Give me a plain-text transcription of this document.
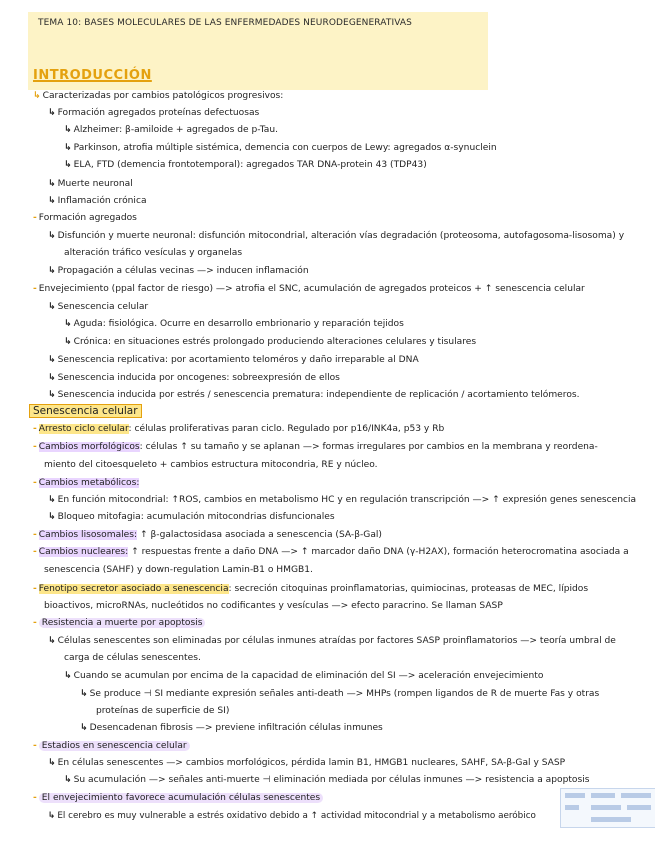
TEMA 10: BASES MOLECULARES DE LAS ENFERMEDADES NEURODEGENERATIVAS
INTRODUCCIÓN
↳ Caracterizadas por cambios patológicos progresivos:
↳ Formación agregados proteínas defectuosas
↳ Alzheimer: β-amiloide + agregados de p-Tau.
↳ Parkinson, atrofia múltiple sistémica, demencia con cuerpos de Lewy: agregados α-synuclein
↳ ELA, FTD (demencia frontotemporal): agregados TAR DNA-protein 43 (TDP43)
↳ Muerte neuronal
↳ Inflamación crónica
- Formación agregados
↳ Disfunción y muerte neuronal: disfunción mitocondrial, alteración vías degradación (proteosoma, autofagosoma-lisosoma) y
alteración tráfico vesículas y organelas
↳ Propagación a células vecinas —> inducen inflamación
- Envejecimiento (ppal factor de riesgo) —> atrofia el SNC, acumulación de agregados proteicos + ↑ senescencia celular
↳ Senescencia celular
↳ Aguda: fisiológica. Ocurre en desarrollo embrionario y reparación tejidos
↳ Crónica: en situaciones estrés prolongado produciendo alteraciones celulares y tisulares
↳ Senescencia replicativa: por acortamiento teloméros y daño irreparable al DNA
↳ Senescencia inducida por oncogenes: sobreexpresión de ellos
↳ Senescencia inducida por estrés / senescencia prematura: independiente de replicación / acortamiento telómeros.
Senescencia celular
- Arresto ciclo celular: células proliferativas paran ciclo. Regulado por p16/INK4a, p53 y Rb
- Cambios morfológicos: células ↑ su tamaño y se aplanan —> formas irregulares por cambios en la membrana y reordena-
miento del citoesqueleto + cambios estructura mitocondria, RE y núcleo.
- Cambios metabólicos:
↳ En función mitocondrial: ↑ROS, cambios en metabolismo HC y en regulación transcripción —> ↑ expresión genes senescencia
↳ Bloqueo mitofagia: acumulación mitocondrias disfuncionales
- Cambios lisosomales: ↑ β-galactosidasa asociada a senescencia (SA-β-Gal)
- Cambios nucleares: ↑ respuestas frente a daño DNA —> ↑ marcador daño DNA (γ-H2AX), formación heterocromatina asociada a
senescencia (SAHF) y down-regulation Lamin-B1 o HMGB1.
- Fenotipo secretor asociado a senescencia: secreción citoquinas proinflamatorias, quimiocinas, proteasas de MEC, lípidos
bioactivos, microRNAs, nucleótidos no codificantes y vesículas —> efecto paracrino. Se llaman SASP
- Resistencia a muerte por apoptosis
↳ Células senescentes son eliminadas por células inmunes atraídas por factores SASP proinflamatorios —> teoría umbral de
carga de células senescentes.
↳ Cuando se acumulan por encima de la capacidad de eliminación del SI —> aceleración envejecimiento
↳ Se produce ⊣ SI mediante expresión señales anti-death —> MHPs (rompen ligandos de R de muerte Fas y otras
proteínas de superficie de SI)
↳ Desencadenan fibrosis —> previene infiltración células inmunes
- Estadios en senescencia celular
↳ En células senescentes —> cambios morfológicos, pérdida lamin B1, HMGB1 nucleares, SAHF, SA-β-Gal y SASP
↳ Su acumulación —> señales anti-muerte ⊣ eliminación mediada por células inmunes —> resistencia a apoptosis
- El envejecimiento favorece acumulación células senescentes
↳ El cerebro es muy vulnerable a estrés oxidativo debido a ↑ actividad mitocondrial y a metabolismo aeróbico
